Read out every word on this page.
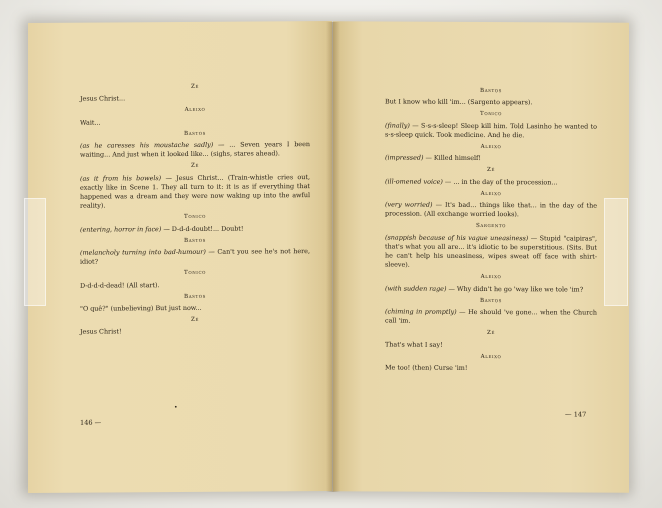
Zé
Jesus Christ...
Aleixo
Wait...
Bastos
(as he caresses his moustache sadly) — ... Seven years I been waiting... And just when it looked like... (sighs, stares ahead).
Zé
(as it from his bowels) — Jesus Christ... (Train-whistle cries out, exactly like in Scene 1. They all turn to it: it is as if everything that happened was a dream and they were now waking up into the awful reality).
Tonico
(entering, horror in face) — D-d-d-doubt!... Doubt!
Bastos
(melancholy turning into bad-humour) — Can't you see he's not here, idiot?
Tonico
D-d-d-d-dead! (All start).
Bastos
"O quê?" (unbelieving) But just now...
Zé
Jesus Christ!
•
146 —
Bastos
But I know who kill 'im... (Sargento appears).
Tonico
(finally) — S-s-s-sleep! Sleep kill him. Told Lasinho he wanted to s-s-sleep quick. Took medicine. And he die.
Aleixo
(impressed) — Killed himself!
Zé
(ill-omened voice) — ... in the day of the procession...
Aleixo
(very worried) — It's bad... things like that... in the day of the procession. (All exchange worried looks).
Sargento
(snappish because of his vague uneasiness) — Stupid "caipiras", that's what you all are... it's idiotic to be superstitious. (Sits. But he can't help his uneasiness, wipes sweat off face with shirt-sleeve).
Aleixo
(with sudden rage) — Why didn't he go 'way like we tole 'im?
Bastos
(chiming in promptly) — He should 've gone... when the Church call 'im.
Zé
That's what I say!
Aleixo
Me too! (then) Curse 'im!
— 147
